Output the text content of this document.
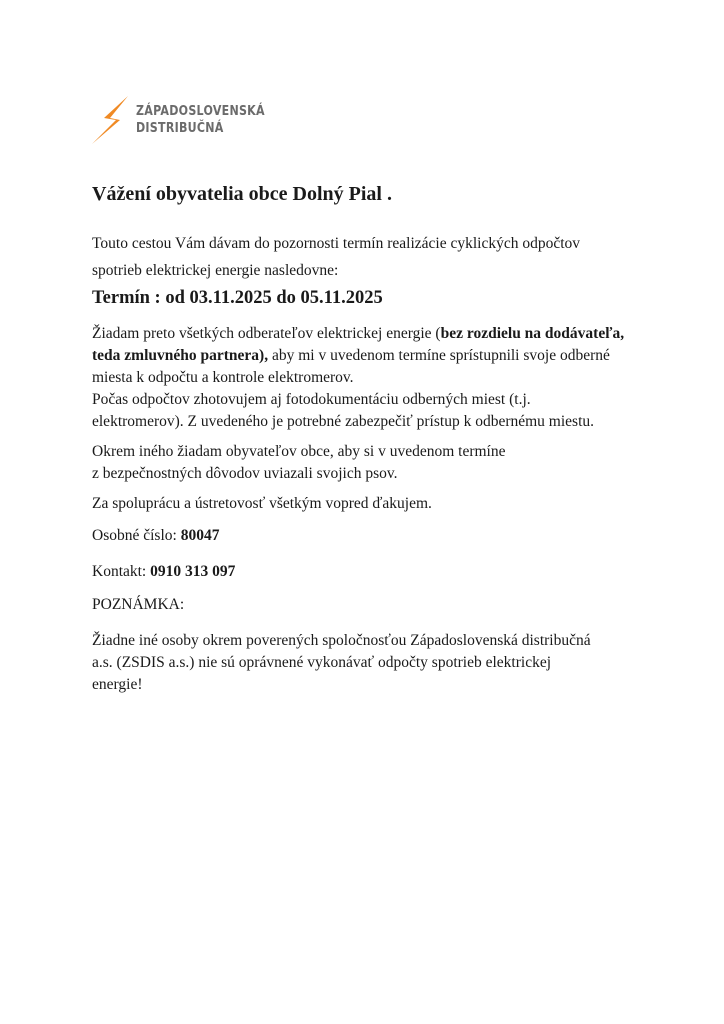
ZÁPADOSLOVENSKÁ
DISTRIBUČNÁ
Vážení obyvatelia obce Dolný Pial .
Touto cestou Vám dávam do pozornosti termín realizácie cyklických odpočtov
spotrieb elektrickej energie nasledovne:
Termín : od 03.11.2025 do 05.11.2025
Žiadam preto všetkých odberateľov elektrickej energie (bez rozdielu na dodávateľa,
teda zmluvného partnera), aby mi v uvedenom termíne sprístupnili svoje odberné
miesta k odpočtu a kontrole elektromerov.
Počas odpočtov zhotovujem aj fotodokumentáciu odberných miest (t.j.
elektromerov). Z uvedeného je potrebné zabezpečiť prístup k odbernému miestu.
Okrem iného žiadam obyvateľov obce, aby si v uvedenom termíne
z bezpečnostných dôvodov uviazali svojich psov.
Za spoluprácu a ústretovosť všetkým vopred ďakujem.
Osobné číslo: 80047
Kontakt: 0910 313 097
POZNÁMKA:
Žiadne iné osoby okrem poverených spoločnosťou Západoslovenská distribučná
a.s. (ZSDIS a.s.) nie sú oprávnené vykonávať odpočty spotrieb elektrickej
energie!
